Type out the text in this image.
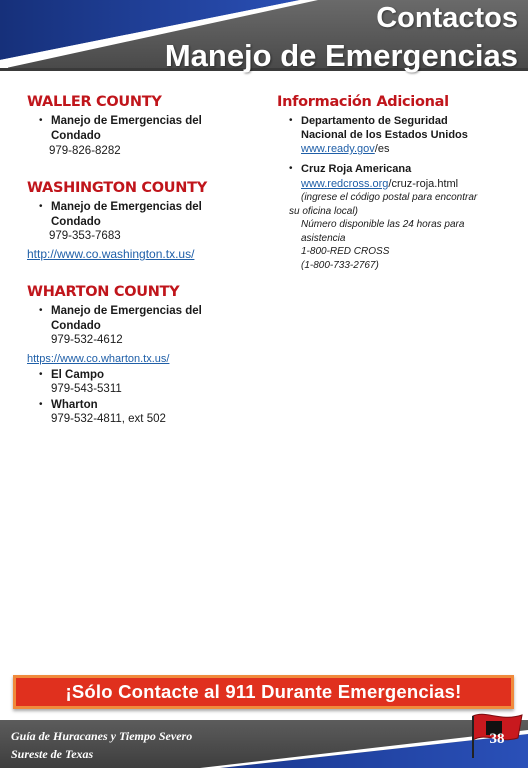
Contactos
Manejo de Emergencias
WALLER COUNTY
• Manejo de Emergencias del
Condado
979-826-8282
WASHINGTON COUNTY
• Manejo de Emergencias del
Condado
979-353-7683
http://www.co.washington.tx.us/
WHARTON COUNTY
• Manejo de Emergencias del
Condado
979-532-4612
https://www.co.wharton.tx.us/
• El Campo
979-543-5311
• Wharton
979-532-4811, ext 502
Información Adicional
• Departamento de Seguridad
Nacional de los Estados Unidos
www.ready.gov/es
• Cruz Roja Americana
www.redcross.org/cruz-roja.html
(ingrese el código postal para encontrar
su oficina local)
Número disponible las 24 horas para
asistencia
1-800-RED CROSS
(1-800-733-2767)
¡Sólo Contacte al 911 Durante Emergencias!
Guía de Huracanes y Tiempo Severo
Sureste de Texas
38
